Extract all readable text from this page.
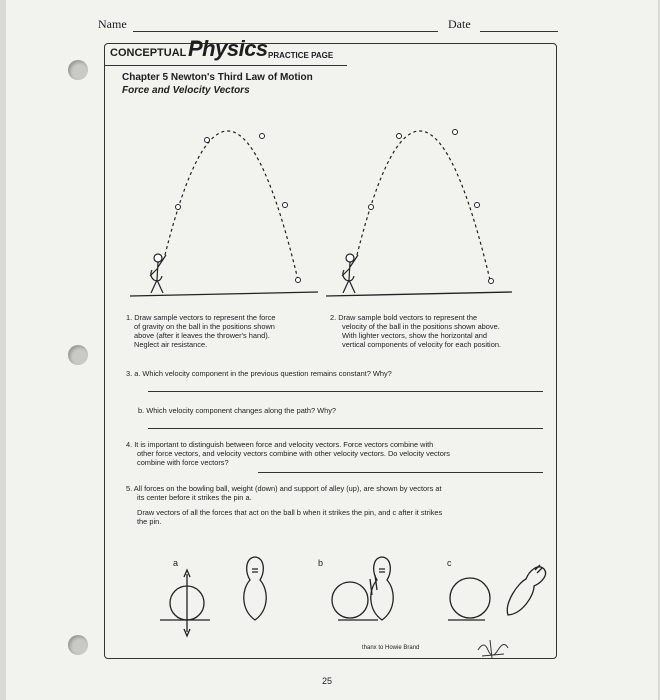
Name	Date
CONCEPTUAL Physics PRACTICE PAGE
Chapter 5 Newton's Third Law of Motion
Force and Velocity Vectors
1. Draw sample vectors to represent the force
of gravity on the ball in the positions shown
above (after it leaves the thrower's hand).
Neglect air resistance.
2. Draw sample bold vectors to represent the
velocity of the ball in the positions shown above.
With lighter vectors, show the horizontal and
vertical components of velocity for each position.
3. a. Which velocity component in the previous question remains constant? Why?
b. Which velocity component changes along the path? Why?
4. It is important to distinguish between force and velocity vectors. Force vectors combine with
other force vectors, and velocity vectors combine with other velocity vectors. Do velocity vectors
combine with force vectors?
5. All forces on the bowling ball, weight (down) and support of alley (up), are shown by vectors at
its center before it strikes the pin a.
Draw vectors of all the forces that act on the ball b when it strikes the pin, and c after it strikes
the pin.
a	b	c
thanx to Howie Brand
25
